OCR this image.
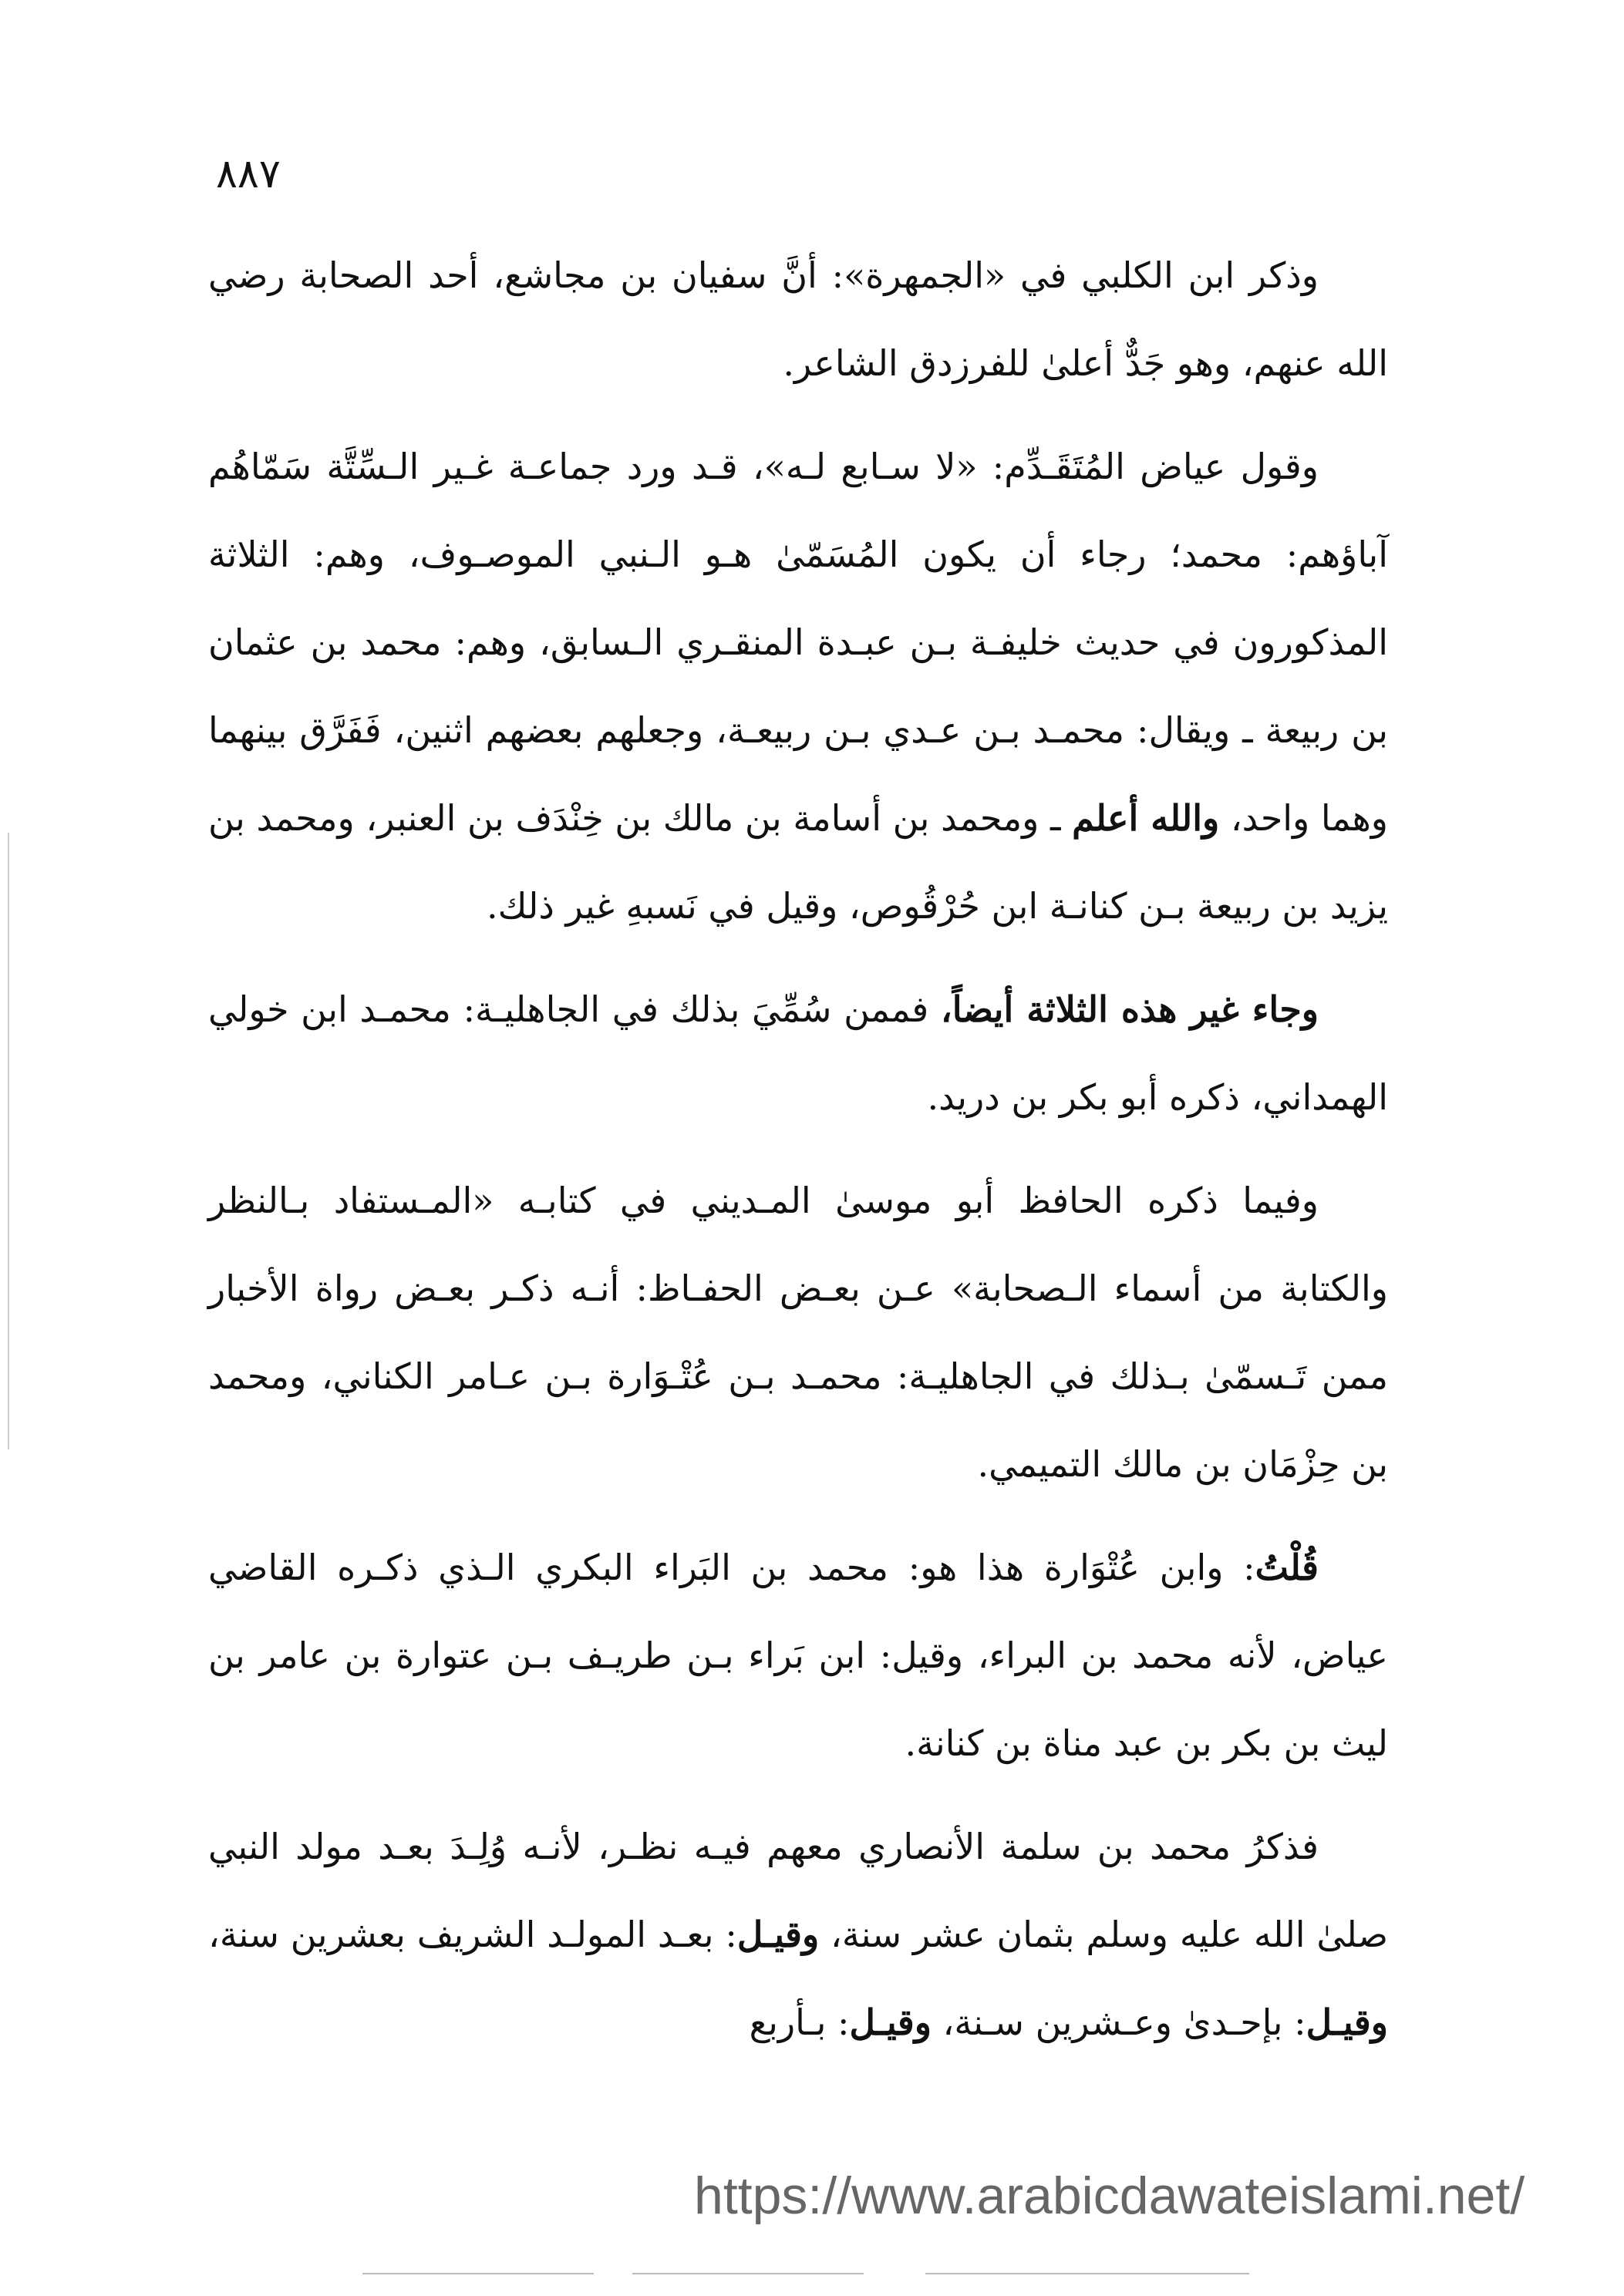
٨٨٧

وذكر ابن الكلبي في «الجمهرة»: أنَّ سفيان بن مجاشع، أحد الصحابة رضي الله عنهم، وهو جَدٌّ أعلىٰ للفرزدق الشاعر.

وقول عياض المُتَقَـدِّم: «لا سـابع لـه»، قـد ورد جماعـة غـير الـسِّتَّة سَمّاهُم آباؤهم: محمد؛ رجاء أن يكون المُسَمّىٰ هـو الـنبي الموصـوف، وهم: الثلاثة المذكورون في حديث خليفـة بـن عبـدة المنقـري الـسابق، وهم: محمد بن عثمان بن ربيعة ـ ويقال: محمـد بـن عـدي بـن ربيعـة، وجعلهم بعضهم اثنين، فَفَرَّق بينهما وهما واحد، والله أعلم ـ ومحمد بن أسامة بن مالك بن خِنْدَف بن العنبر، ومحمد بن يزيد بن ربيعة بـن كنانـة ابن حُرْقُوص، وقيل في نَسبهِ غير ذلك.

وجاء غير هذه الثلاثة أيضاً، فممن سُمِّيَ بذلك في الجاهليـة: محمـد ابن خولي الهمداني، ذكره أبو بكر بن دريد.

وفيما ذكره الحافظ أبو موسىٰ المـديني في كتابـه «المـستفاد بـالنظر والكتابة من أسماء الـصحابة» عـن بعـض الحفـاظ: أنـه ذكـر بعـض رواة الأخبار ممن تَـسمّىٰ بـذلك في الجاهليـة: محمـد بـن عُتْـوَارة بـن عـامر الكناني، ومحمد بن حِزْمَان بن مالك التميمي.

قُلْتُ: وابن عُتْوَارة هذا هو: محمد بن البَراء البكري الـذي ذكـره القاضي عياض، لأنه محمد بن البراء، وقيل: ابن بَراء بـن طريـف بـن عتوارة بن عامر بن ليث بن بكر بن عبد مناة بن كنانة.

فذكرُ محمد بن سلمة الأنصاري معهم فيـه نظـر، لأنـه وُلِـدَ بعـد مولد النبي صلىٰ الله عليه وسلم بثمان عشر سنة، وقيـل: بعـد المولـد الشريف بعشرين سنة، وقيـل: بإحـدىٰ وعـشرين سـنة، وقيـل: بـأربع

https://www.arabicdawateislami.net/
